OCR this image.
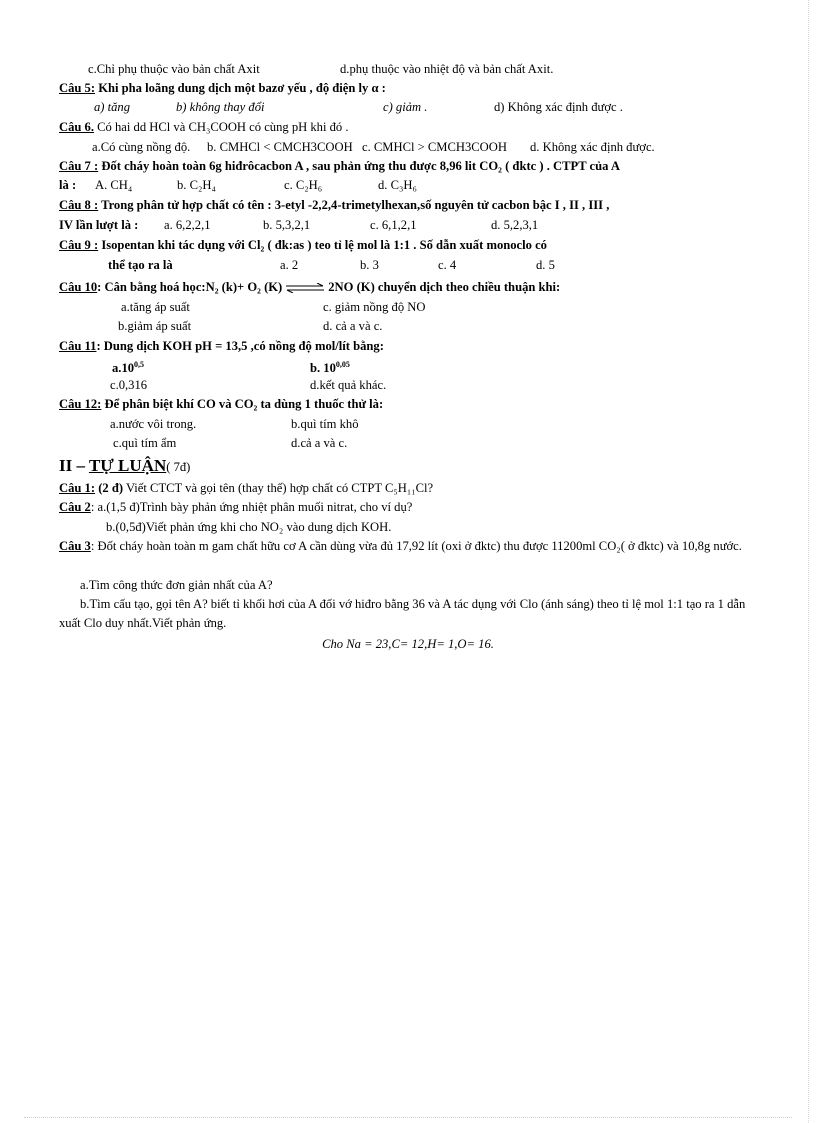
c.Chỉ phụ thuộc vào bản chất Axit	d.phụ thuộc vào nhiệt độ và bản chất Axit.
Câu 5: Khi pha loãng dung dịch một bazơ yếu , độ điện ly α :
a) tăng	b) không thay đổi	c) giảm .	d) Không xác định được .
Câu 6. Có hai dd HCl và CH₃COOH có cùng pH khi đó .
a.Có cùng nồng độ. b. CMHCl < CMCH3COOH c. CMHCl > CMCH3COOH d. Không xác định được.
Câu 7 : Đốt cháy hoàn toàn 6g hiđrôcacbon A , sau phản ứng thu được 8,96 lit CO₂ ( đktc ) . CTPT của A
là : A. CH₄	b. C₂H₄	c. C₂H₆	d. C₃H₆
Câu 8 : Trong phân tử hợp chất có tên : 3-etyl -2,2,4-trimetylhexan,số nguyên tử cacbon bậc I , II , III ,
IV lần lượt là : a. 6,2,2,1	b. 5,3,2,1	c. 6,1,2,1	d. 5,2,3,1
Câu 9 : Isopentan khi tác dụng với Cl₂ ( đk:as ) teo tỉ lệ mol là 1:1 . Số dẫn xuất monoclo có
thể tạo ra là	a. 2	b. 3	c. 4	d. 5
Câu 10: Cân bằng hoá học:N₂ (k)+ O₂ (K) ⇌ 2NO (K) chuyển dịch theo chiều thuận khi:
a.tăng áp suất	c. giảm nồng độ NO
b.giảm áp suất	d. cả a và c.
Câu 11: Dung dịch KOH pH = 13,5 ,có nồng độ mol/lít bằng:
a.10$^{0,5}$	b. 10$^{0,05}$
c.0,316	d.kết quả khác.
Câu 12: Để phân biệt khí CO và CO₂ ta dùng 1 thuốc thử là:
a.nước vôi trong.	b.quì tím khô
c.quì tím ẩm	d.cả a và c.
II – TỰ LUẬN( 7đ)
Câu 1: (2 đ) Viết CTCT và gọi tên (thay thế) hợp chất có CTPT C₅H₁₁Cl?
Câu 2: a.(1,5 đ)Trình bày phản ứng nhiệt phân muối nitrat, cho ví dụ?
b.(0,5đ)Viết phản ứng khi cho NO₂ vào dung dịch KOH.
Câu 3: Đốt cháy hoàn toàn m gam chất hữu cơ A cần dùng vừa đủ 17,92 lít (oxi ở đktc) thu được 11200ml CO₂( ở đktc) và 10,8g nước.
a.Tìm công thức đơn giản nhất của A?
b.Tìm cấu tạo, gọi tên A? biết tỉ khối hơi của A đối vớ hiđro bằng 36 và A tác dụng với Clo (ánh sáng) theo tỉ lệ mol 1:1 tạo ra 1 dẫn xuất Clo duy nhất.Viết phản ứng.
Cho Na = 23,C= 12,H= 1,O= 16.
